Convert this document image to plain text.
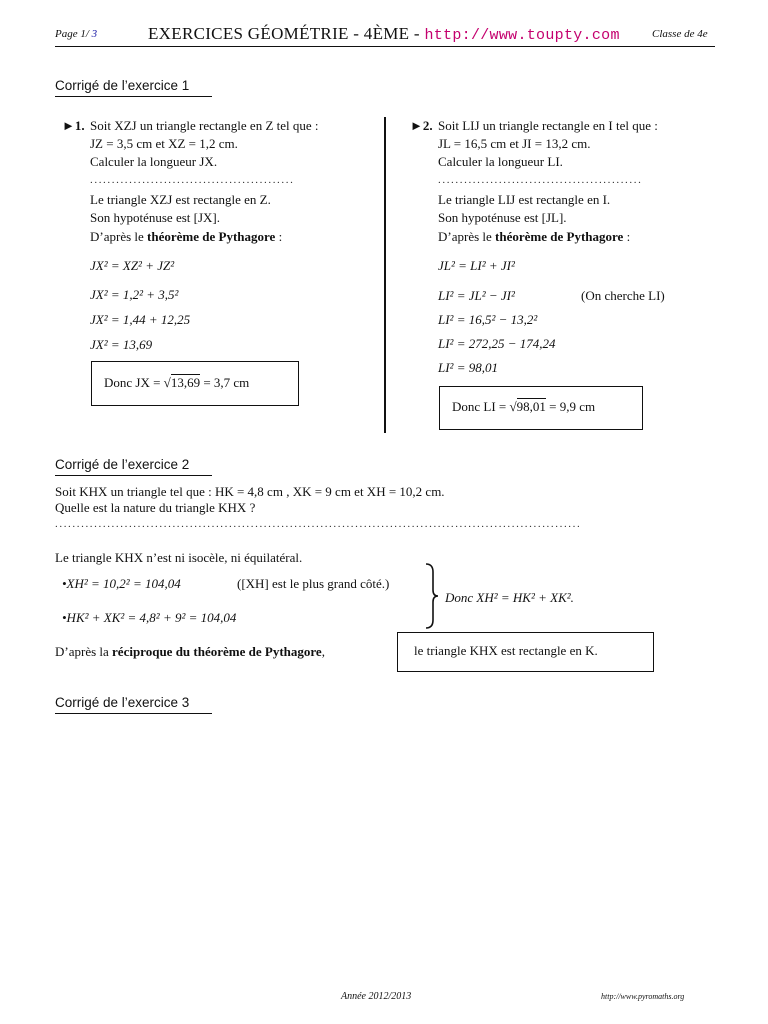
Page 1/ 3	EXERCICES GÉOMÉTRIE - 4ÈME - http://www.toupty.com	Classe de 4e
Corrigé de l’exercice 1
►1. Soit XZJ un triangle rectangle en Z tel que :
JZ = 3,5 cm et XZ = 1,2 cm.
Calculer la longueur JX.
...............................................
Le triangle XZJ est rectangle en Z.
Son hypoténuse est [JX].
D’après le théorème de Pythagore :
JX² = XZ² + JZ²
JX² = 1,2² + 3,5²
JX² = 1,44 + 12,25
JX² = 13,69
Donc JX = √13,69 = 3,7 cm
►2. Soit LIJ un triangle rectangle en I tel que :
JL = 16,5 cm et JI = 13,2 cm.
Calculer la longueur LI.
...............................................
Le triangle LIJ est rectangle en I.
Son hypoténuse est [JL].
D’après le théorème de Pythagore :
JL² = LI² + JI²
LI² = JL² − JI²	(On cherche LI)
LI² = 16,5² − 13,2²
LI² = 272,25 − 174,24
LI² = 98,01
Donc LI = √98,01 = 9,9 cm
Corrigé de l’exercice 2
Soit KHX un triangle tel que : HK = 4,8 cm , XK = 9 cm et XH = 10,2 cm.
Quelle est la nature du triangle KHX ?
.........................................................................................................................
Le triangle KHX n’est ni isocèle, ni équilatéral.
•XH² = 10,2² = 104,04	([XH] est le plus grand côté.)
•HK² + XK² = 4,8² + 9² = 104,04
Donc XH² = HK² + XK².
D’après la réciproque du théorème de Pythagore,	le triangle KHX est rectangle en K.
Corrigé de l’exercice 3
Année 2012/2013	http://www.pyromaths.org
